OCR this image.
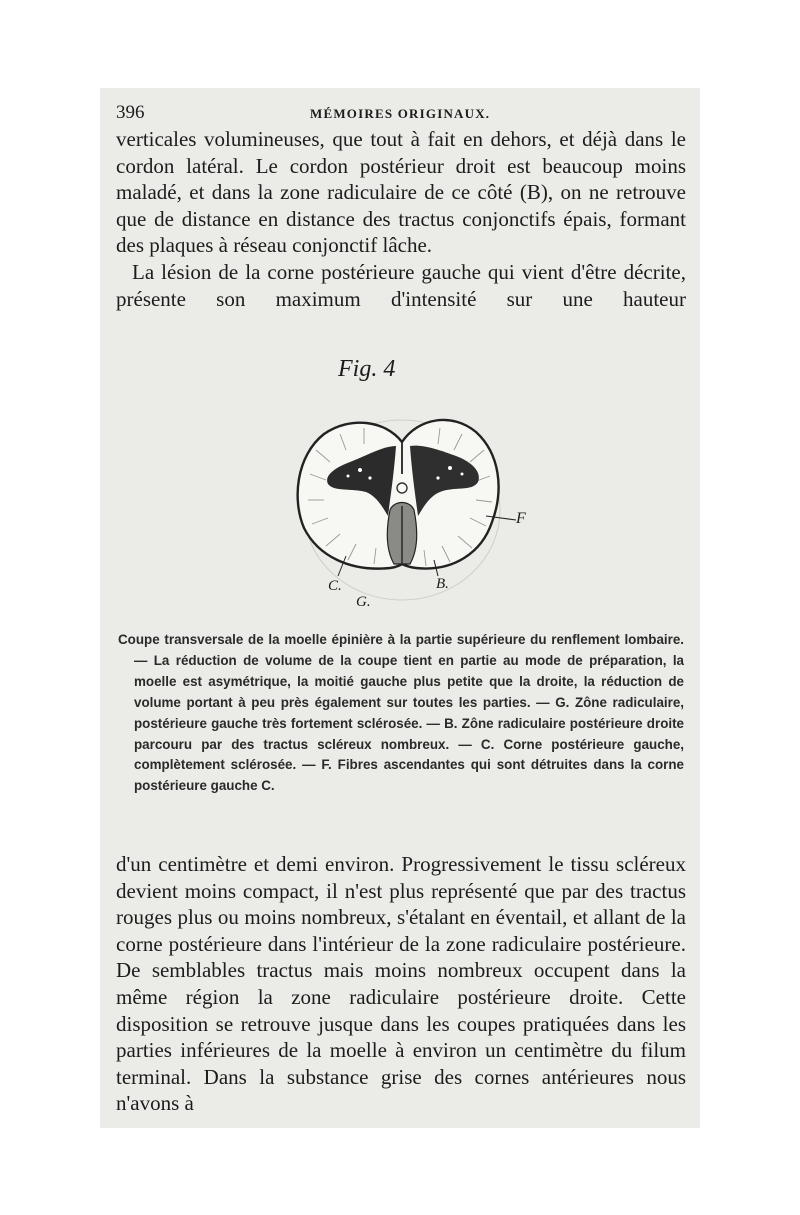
396	MÉMOIRES ORIGINAUX.

verticales volumineuses, que tout à fait en dehors, et déjà dans le cordon latéral. Le cordon postérieur droit est beaucoup moins maladé, et dans la zone radiculaire de ce côté (B), on ne retrouve que de distance en distance des tractus conjonctifs épais, formant des plaques à réseau conjonctif lâche.

La lésion de la corne postérieure gauche qui vient d'être décrite, présente son maximum d'intensité sur une hauteur

Fig. 4
F
C.
G.
B.

Coupe transversale de la moelle épinière à la partie supérieure du renflement lombaire. — La réduction de volume de la coupe tient en partie au mode de préparation, la moelle est asymétrique, la moitié gauche plus petite que la droite, la réduction de volume portant à peu près également sur toutes les parties. — G. Zône radiculaire, postérieure gauche très fortement sclérosée. — B. Zône radiculaire postérieure droite parcouru par des tractus scléreux nombreux. — C. Corne postérieure gauche, complètement sclérosée. — F. Fibres ascendantes qui sont détruites dans la corne postérieure gauche C.

d'un centimètre et demi environ. Progressivement le tissu scléreux devient moins compact, il n'est plus représenté que par des tractus rouges plus ou moins nombreux, s'étalant en éventail, et allant de la corne postérieure dans l'intérieur de la zone radiculaire postérieure. De semblables tractus mais moins nombreux occupent dans la même région la zone radiculaire postérieure droite. Cette disposition se retrouve jusque dans les coupes pratiquées dans les parties inférieures de la moelle à environ un centimètre du filum terminal. Dans la substance grise des cornes antérieures nous n'avons à
